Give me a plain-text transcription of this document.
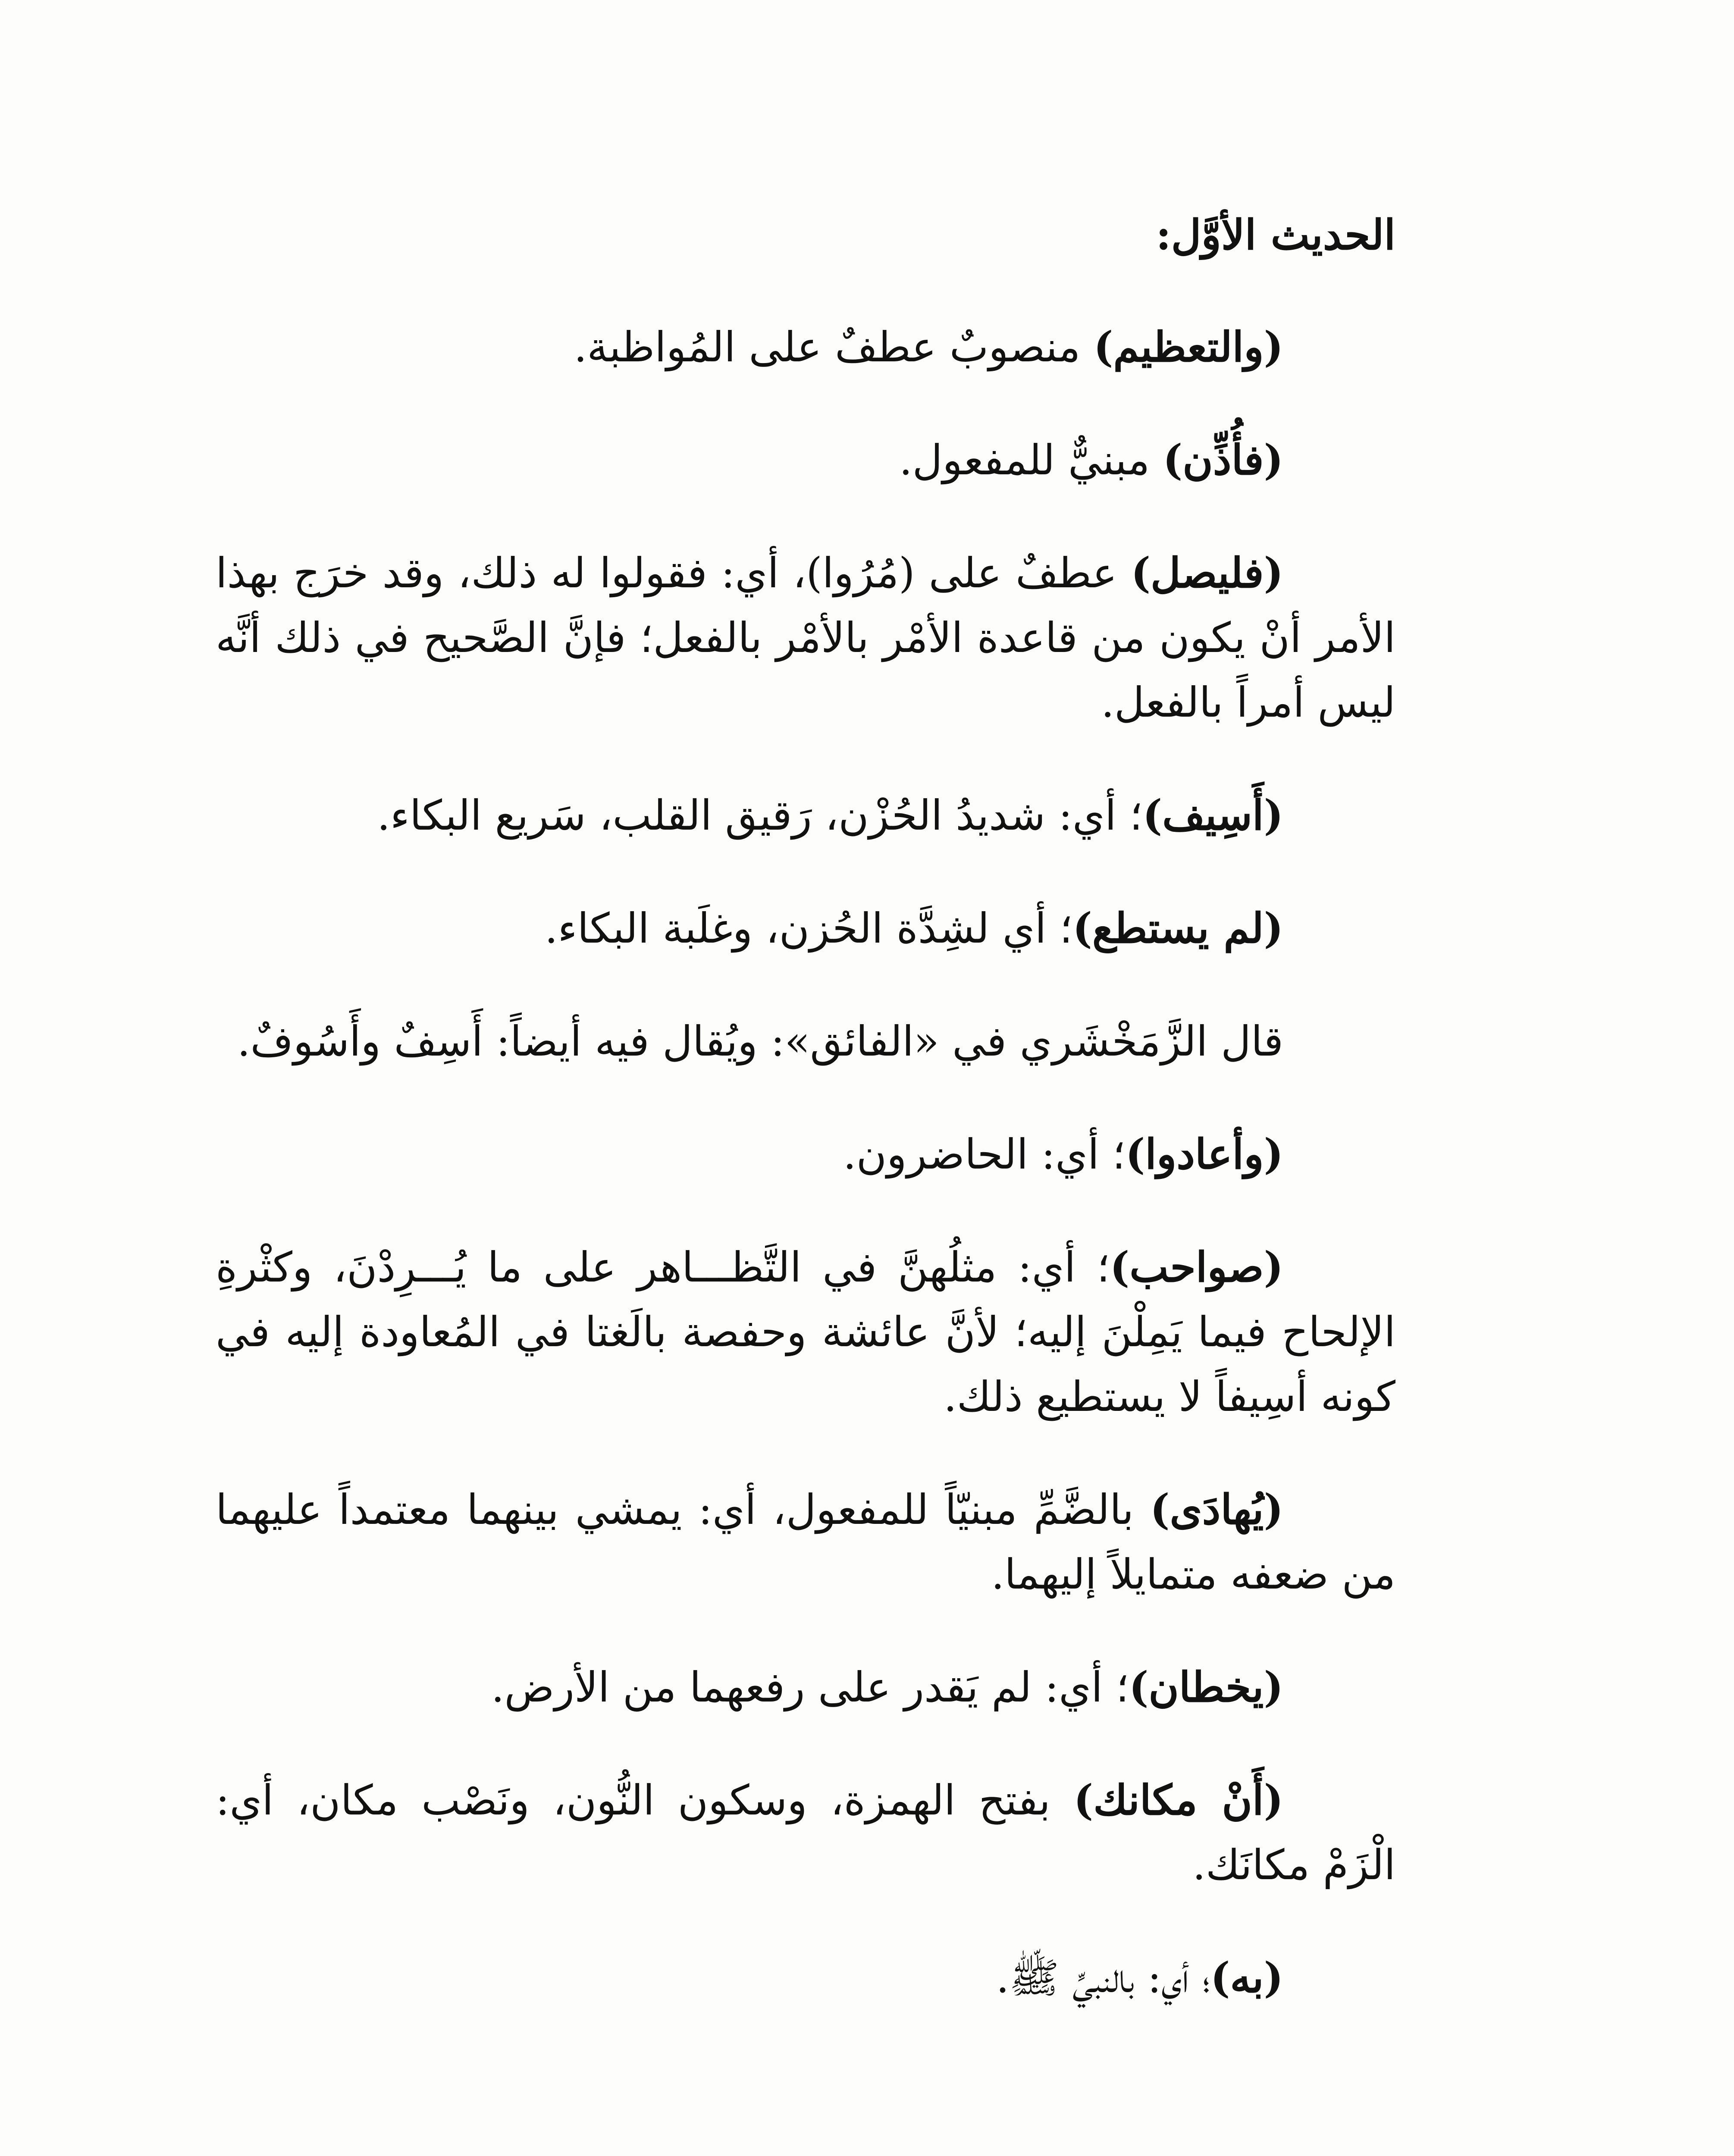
الحديث الأوَّل:

(والتعظيم) منصوبٌ عطفٌ على المُواظبة.

(فأُذِّن) مبنيٌّ للمفعول.

(فليصل) عطفٌ على (مُرُوا)، أي: فقولوا له ذلك، وقد خرَج بهذا الأمر أنْ يكون من قاعدة الأمْر بالأمْر بالفعل؛ فإنَّ الصَّحيح في ذلك أنَّه ليس أمراً بالفعل.

(أَسِيف)؛ أي: شديدُ الحُزْن، رَقيق القلب، سَريع البكاء.

(لم يستطع)؛ أي لشِدَّة الحُزن، وغلَبة البكاء.

قال الزَّمَخْشَري في «الفائق»: ويُقال فيه أيضاً: أَسِفٌ وأَسُوفٌ.

(وأعادوا)؛ أي: الحاضرون.

(صواحب)؛ أي: مثلُهنَّ في التَّظـــاهر على ما يُـــرِدْنَ، وكثْرةِ الإلحاح فيما يَمِلْنَ إليه؛ لأنَّ عائشة وحفصة بالَغتا في المُعاودة إليه في كونه أسِيفاً لا يستطيع ذلك.

(يُهادَى) بالضَّمِّ مبنيّاً للمفعول، أي: يمشي بينهما معتمداً عليهما من ضعفه متمايلاً إليهما.

(يخطان)؛ أي: لم يَقدر على رفعهما من الأرض.

(أَنْ مكانك) بفتح الهمزة، وسكون النُّون، ونَصْب مكان، أي: الْزَمْ مكانَك.

(به)؛ أي: بالنبيِّ ﷺ.
